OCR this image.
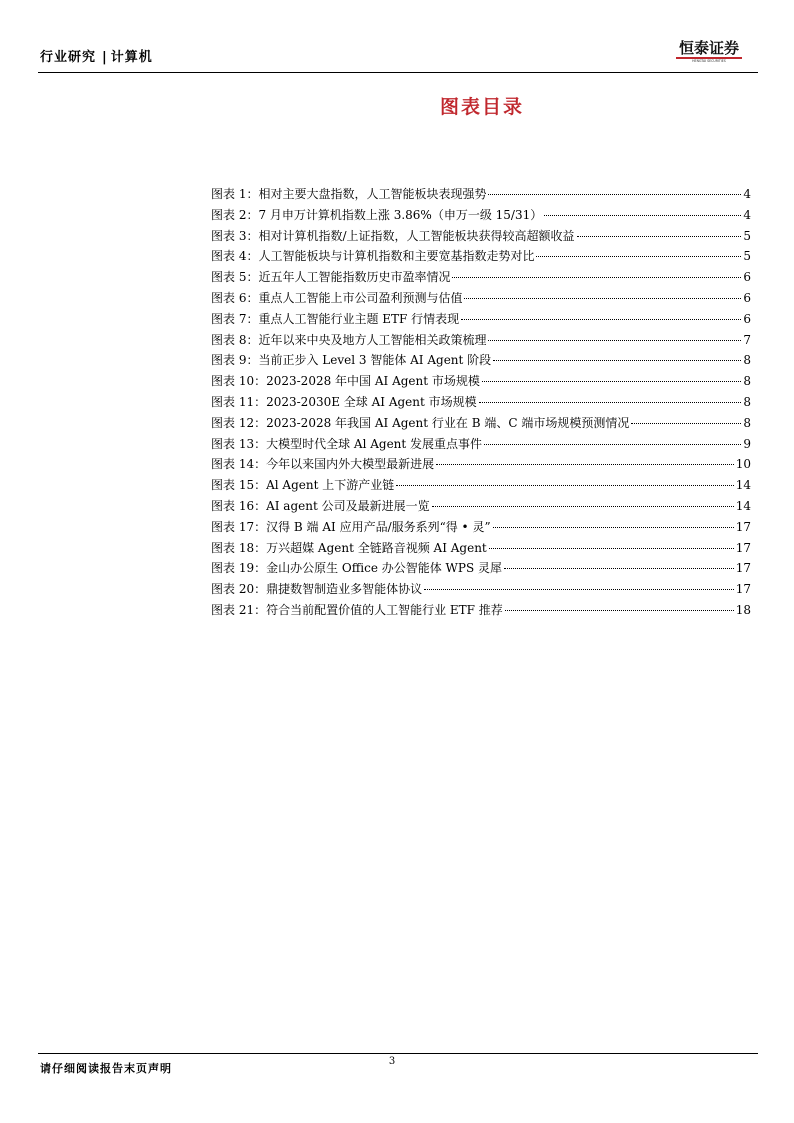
行业研究 | 计算机
恒泰证券
HENGTAI SECURITIES
图表目录
图表 1：相对主要大盘指数，人工智能板块表现强势	4
图表 2：7 月申万计算机指数上涨 3.86%（申万一级 15/31）	4
图表 3：相对计算机指数/上证指数，人工智能板块获得较高超额收益	5
图表 4：人工智能板块与计算机指数和主要宽基指数走势对比	5
图表 5：近五年人工智能指数历史市盈率情况	6
图表 6：重点人工智能上市公司盈利预测与估值	6
图表 7：重点人工智能行业主题 ETF 行情表现	6
图表 8：近年以来中央及地方人工智能相关政策梳理	7
图表 9：当前正步入 Level 3 智能体 AI Agent 阶段	8
图表 10：2023-2028 年中国 AI Agent 市场规模	8
图表 11：2023-2030E 全球 AI Agent 市场规模	8
图表 12：2023-2028 年我国 AI Agent 行业在 B 端、C 端市场规模预测情况	8
图表 13：大模型时代全球 Al Agent 发展重点事件	9
图表 14：今年以来国内外大模型最新进展	10
图表 15：Al Agent 上下游产业链	14
图表 16：AI agent 公司及最新进展一览	14
图表 17：汉得 B 端 AI 应用产品/服务系列“得 • 灵”	17
图表 18：万兴超媒 Agent 全链路音视频 AI Agent	17
图表 19：金山办公原生 Office 办公智能体 WPS 灵犀	17
图表 20：鼎捷数智制造业多智能体协议	17
图表 21：符合当前配置价值的人工智能行业 ETF 推荐	18
请仔细阅读报告末页声明
3
